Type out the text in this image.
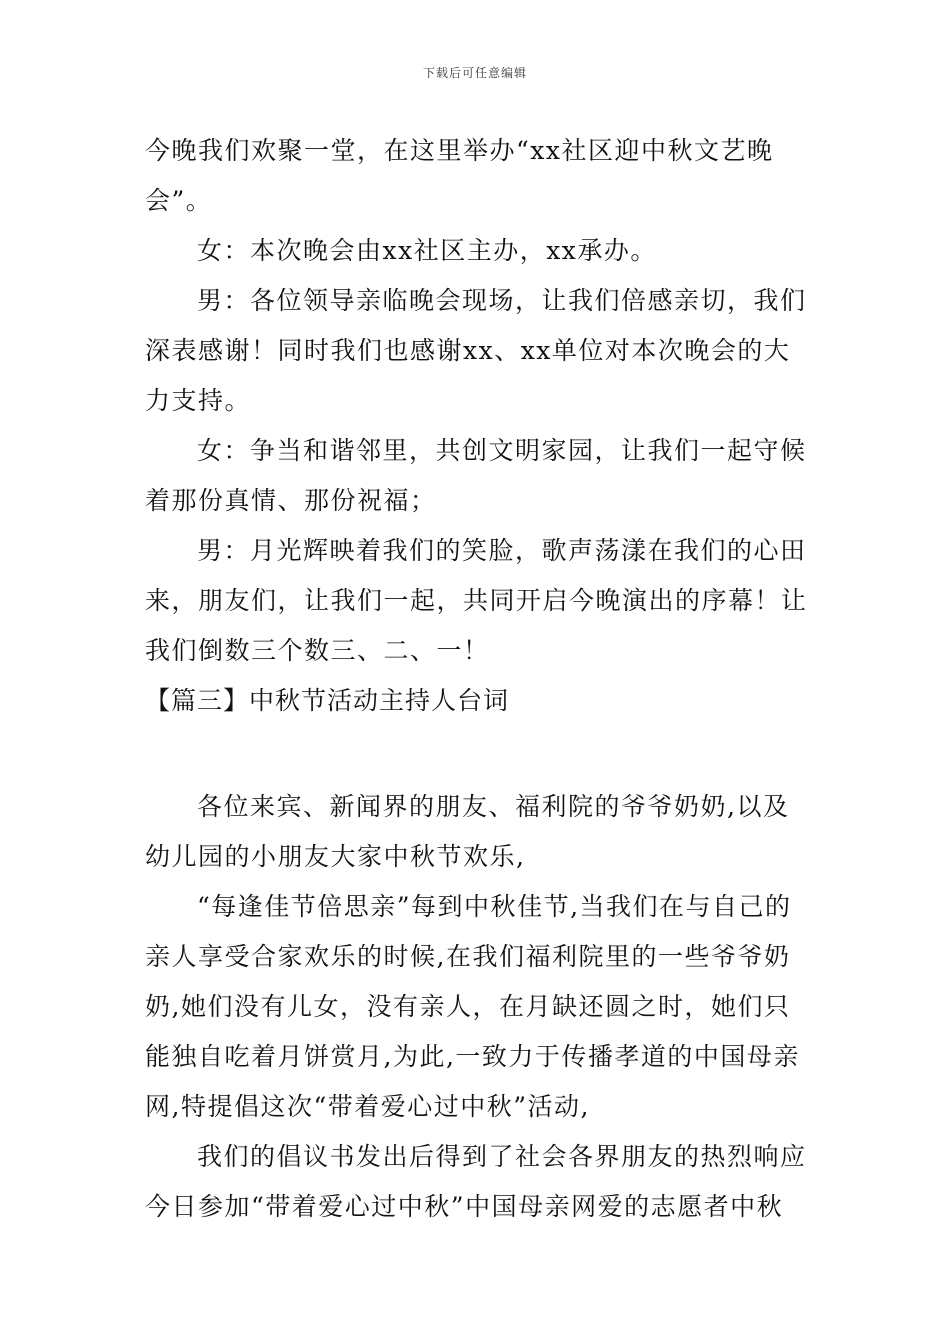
下载后可任意编辑

今晚我们欢聚一堂，在这里举办“xx社区迎中秋文艺晚会”。

女：本次晚会由xx社区主办，xx承办。

男：各位领导亲临晚会现场，让我们倍感亲切，我们深表感谢！同时我们也感谢xx、xx单位对本次晚会的大力支持。

女：争当和谐邻里，共创文明家园，让我们一起守候着那份真情、那份祝福；

男：月光辉映着我们的笑脸，歌声荡漾在我们的心田来，朋友们，让我们一起，共同开启今晚演出的序幕！让我们倒数三个数三、二、一！

【篇三】中秋节活动主持人台词

各位来宾、新闻界的朋友、福利院的爷爷奶奶,以及幼儿园的小朋友大家中秋节欢乐,

“每逢佳节倍思亲”每到中秋佳节,当我们在与自己的亲人享受合家欢乐的时候,在我们福利院里的一些爷爷奶奶,她们没有儿女，没有亲人，在月缺还圆之时，她们只能独自吃着月饼赏月,为此,一致力于传播孝道的中国母亲网,特提倡这次“带着爱心过中秋”活动,

我们的倡议书发出后得到了社会各界朋友的热烈响应今日参加“带着爱心过中秋”中国母亲网爱的志愿者中秋
